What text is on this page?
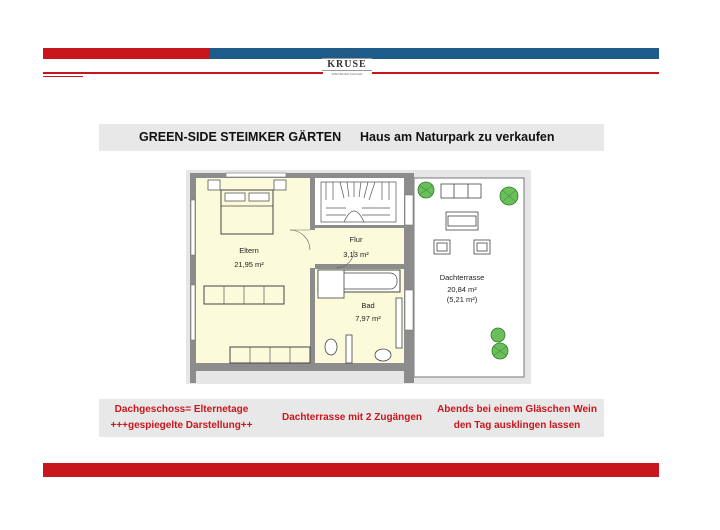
ESTD
KRUSE
IMMOBILIEN MAKLER
GREEN-SIDE STEIMKER GÄRTEN Haus am Naturpark zu verkaufen
Eltern
21,95 m²
Flur
3,13 m²
Bad
7,97 m²
Dachterrasse
20,84 m²
(5,21 m²)
Dachgeschoss= Elternetage
+++gespiegelte Darstellung++
Dachterrasse mit 2 Zugängen
Abends bei einem Gläschen Wein
den Tag ausklingen lassen
